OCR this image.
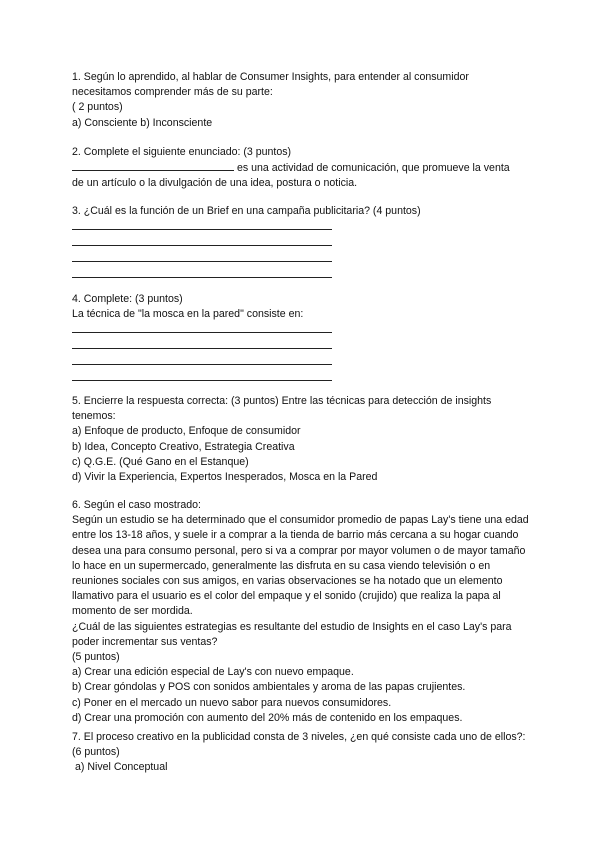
1. Según lo aprendido, al hablar de Consumer Insights, para entender al consumidor
necesitamos comprender más de su parte:
( 2 puntos)
a) Consciente b) Inconsciente
2. Complete el siguiente enunciado: (3 puntos)
es una actividad de comunicación, que promueve la venta
de un artículo o la divulgación de una idea, postura o noticia.
3. ¿Cuál es la función de un Brief en una campaña publicitaria? (4 puntos)
4. Complete: (3 puntos)
La técnica de "la mosca en la pared" consiste en:
5. Encierre la respuesta correcta: (3 puntos) Entre las técnicas para detección de insights tenemos:
a) Enfoque de producto, Enfoque de consumidor
b) Idea, Concepto Creativo, Estrategia Creativa
c) Q.G.E. (Qué Gano en el Estanque)
d) Vivir la Experiencia, Expertos Inesperados, Mosca en la Pared
6. Según el caso mostrado:
Según un estudio se ha determinado que el consumidor promedio de papas Lay's tiene una edad entre los 13-18 años, y suele ir a comprar a la tienda de barrio más cercana a su hogar cuando desea una para consumo personal, pero si va a comprar por mayor volumen o de mayor tamaño lo hace en un supermercado, generalmente las disfruta en su casa viendo televisión o en reuniones sociales con sus amigos, en varias observaciones se ha notado que un elemento llamativo para el usuario es el color del empaque y el sonido (crujido) que realiza la papa al momento de ser mordida.
¿Cuál de las siguientes estrategias es resultante del estudio de Insights en el caso Lay's para poder incrementar sus ventas?
(5 puntos)
a) Crear una edición especial de Lay's con nuevo empaque.
b) Crear góndolas y POS con sonidos ambientales y aroma de las papas crujientes.
c) Poner en el mercado un nuevo sabor para nuevos consumidores.
d) Crear una promoción con aumento del 20% más de contenido en los empaques.
7. El proceso creativo en la publicidad consta de 3 niveles, ¿en qué consiste cada uno de ellos?: (6 puntos)
a) Nivel Conceptual
